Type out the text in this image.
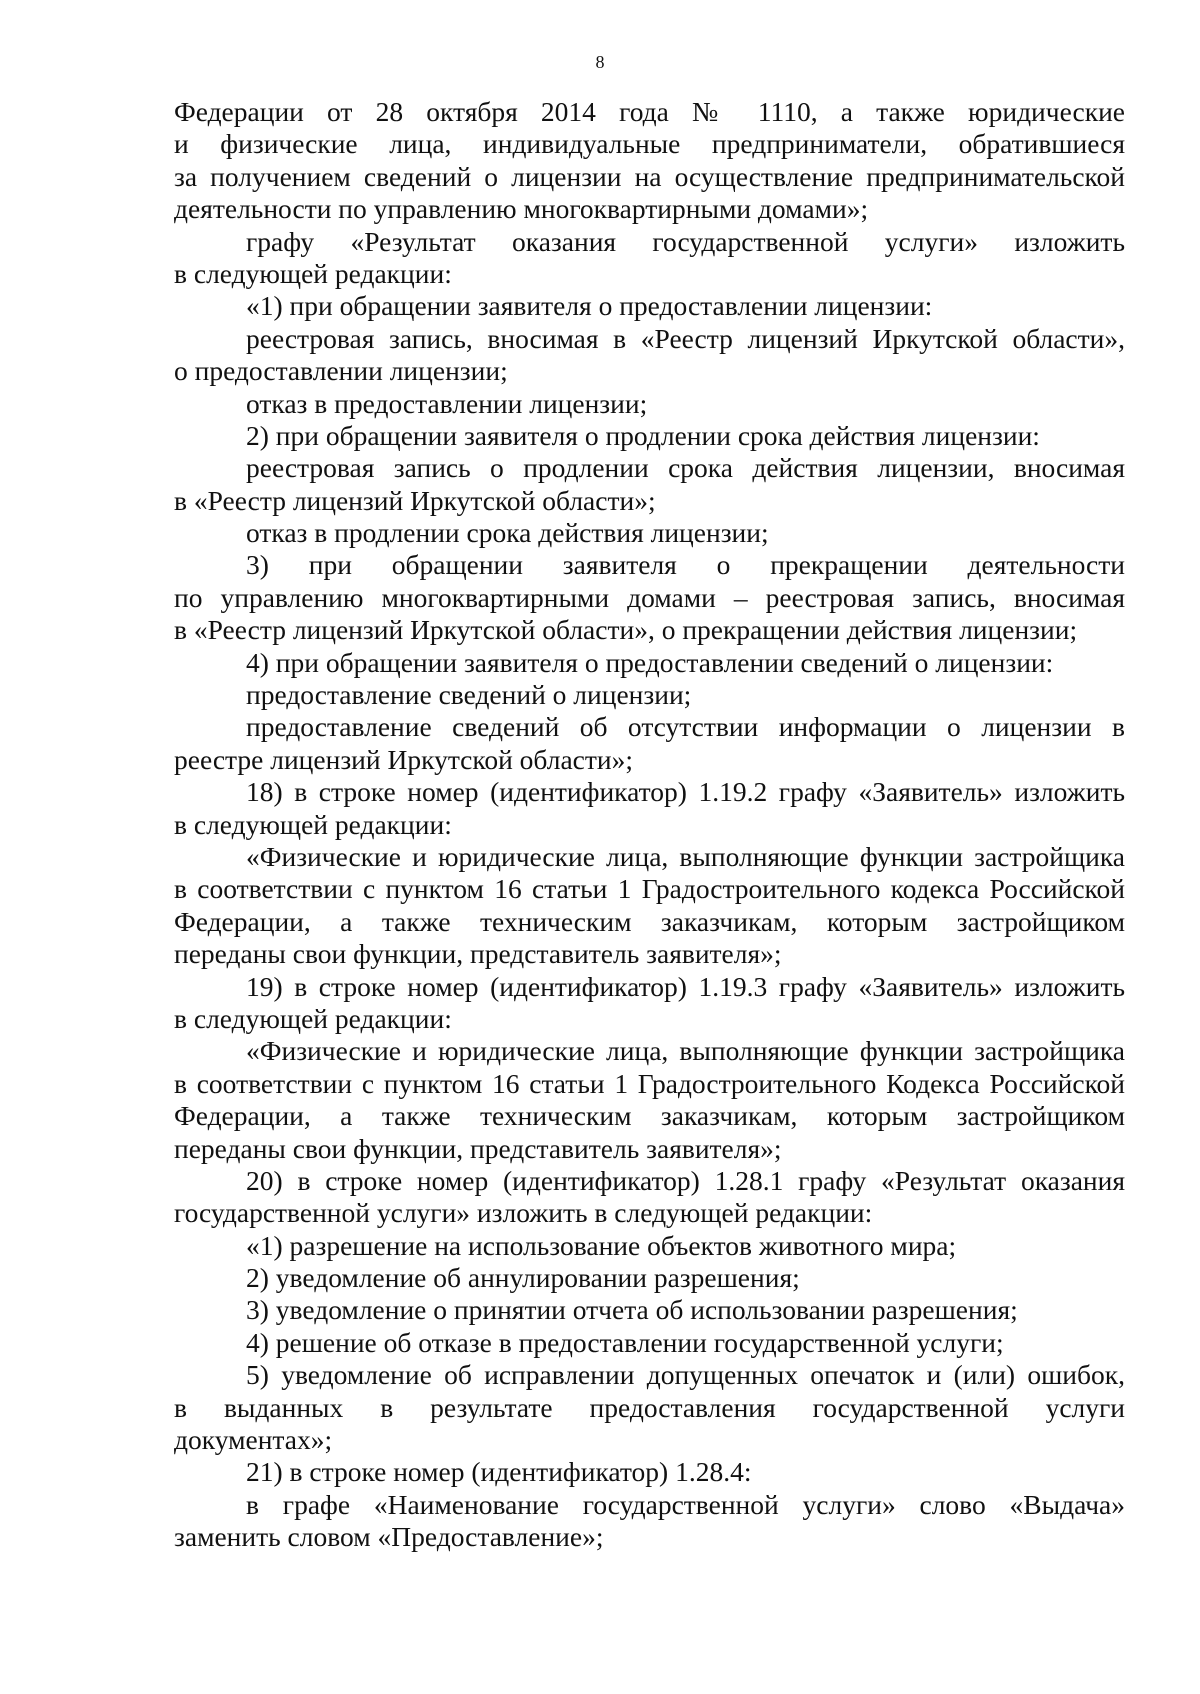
8
Федерации от 28 октября 2014 года № 1110, а также юридические
и физические лица, индивидуальные предприниматели, обратившиеся
за получением сведений о лицензии на осуществление предпринимательской
деятельности по управлению многоквартирными домами»;
графу «Результат оказания государственной услуги» изложить
в следующей редакции:
«1) при обращении заявителя о предоставлении лицензии:
реестровая запись, вносимая в «Реестр лицензий Иркутской области»,
о предоставлении лицензии;
отказ в предоставлении лицензии;
2) при обращении заявителя о продлении срока действия лицензии:
реестровая запись о продлении срока действия лицензии, вносимая
в «Реестр лицензий Иркутской области»;
отказ в продлении срока действия лицензии;
3) при обращении заявителя о прекращении деятельности
по управлению многоквартирными домами – реестровая запись, вносимая
в «Реестр лицензий Иркутской области», о прекращении действия лицензии;
4) при обращении заявителя о предоставлении сведений о лицензии:
предоставление сведений о лицензии;
предоставление сведений об отсутствии информации о лицензии в
реестре лицензий Иркутской области»;
18) в строке номер (идентификатор) 1.19.2 графу «Заявитель» изложить
в следующей редакции:
«Физические и юридические лица, выполняющие функции застройщика
в соответствии с пунктом 16 статьи 1 Градостроительного кодекса Российской
Федерации, а также техническим заказчикам, которым застройщиком
переданы свои функции, представитель заявителя»;
19) в строке номер (идентификатор) 1.19.3 графу «Заявитель» изложить
в следующей редакции:
«Физические и юридические лица, выполняющие функции застройщика
в соответствии с пунктом 16 статьи 1 Градостроительного Кодекса Российской
Федерации, а также техническим заказчикам, которым застройщиком
переданы свои функции, представитель заявителя»;
20) в строке номер (идентификатор) 1.28.1 графу «Результат оказания
государственной услуги» изложить в следующей редакции:
«1) разрешение на использование объектов животного мира;
2) уведомление об аннулировании разрешения;
3) уведомление о принятии отчета об использовании разрешения;
4) решение об отказе в предоставлении государственной услуги;
5) уведомление об исправлении допущенных опечаток и (или) ошибок,
в выданных в результате предоставления государственной услуги
документах»;
21) в строке номер (идентификатор) 1.28.4:
в графе «Наименование государственной услуги» слово «Выдача»
заменить словом «Предоставление»;
